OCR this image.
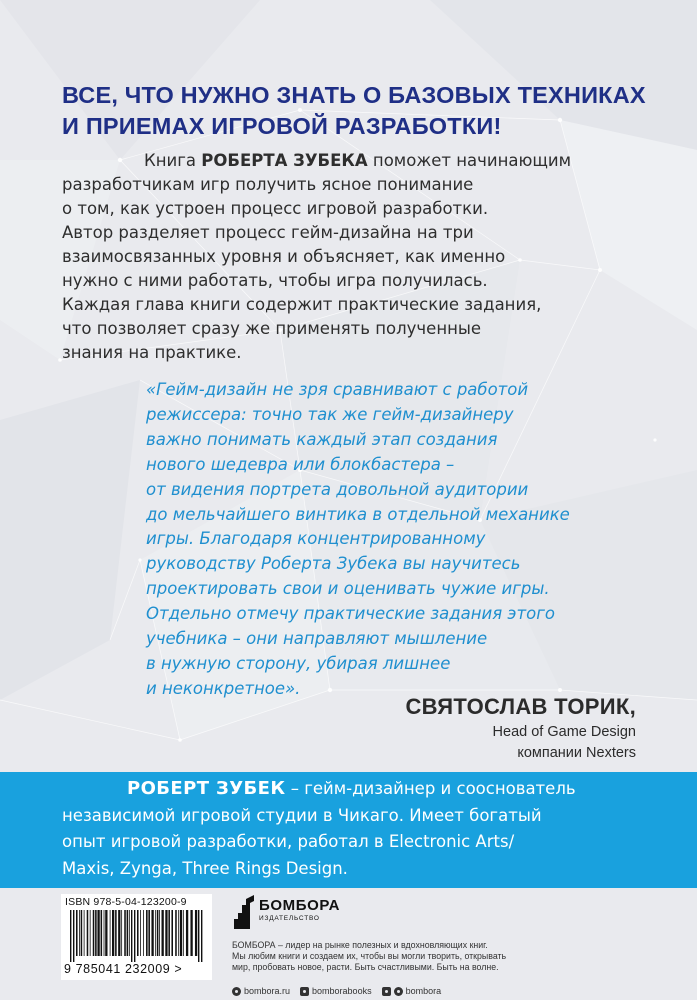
ВСЕ, ЧТО НУЖНО ЗНАТЬ О БАЗОВЫХ ТЕХНИКАХ
И ПРИЕМАХ ИГРОВОЙ РАЗРАБОТКИ!
Книга РОБЕРТА ЗУБЕКА поможет начинающим
разработчикам игр получить ясное понимание
о том, как устроен процесс игровой разработки.
Автор разделяет процесс гейм-дизайна на три
взаимосвязанных уровня и объясняет, как именно
нужно с ними работать, чтобы игра получилась.
Каждая глава книги содержит практические задания,
что позволяет сразу же применять полученные
знания на практике.
«Гейм-дизайн не зря сравнивают с работой
режиссера: точно так же гейм-дизайнеру
важно понимать каждый этап создания
нового шедевра или блокбастера –
от видения портрета довольной аудитории
до мельчайшего винтика в отдельной механике
игры. Благодаря концентрированному
руководству Роберта Зубека вы научитесь
проектировать свои и оценивать чужие игры.
Отдельно отмечу практические задания этого
учебника – они направляют мышление
в нужную сторону, убирая лишнее
и неконкретное».
СВЯТОСЛАВ ТОРИК,
Head of Game Design
компании Nexters
РОБЕРТ ЗУБЕК – гейм-дизайнер и сооснователь
независимой игровой студии в Чикаго. Имеет богатый
опыт игровой разработки, работал в Electronic Arts/
Maxis, Zynga, Three Rings Design.
ISBN 978-5-04-123200-9
9 785041 232009 >
БОМБОРА
ИЗДАТЕЛЬСТВО
БОМБОРА – лидер на рынке полезных и вдохновляющих книг.
Мы любим книги и создаем их, чтобы вы могли творить, открывать
мир, пробовать новое, расти. Быть счастливыми. Быть на волне.
bombora.ru bomborabooks	bombora
